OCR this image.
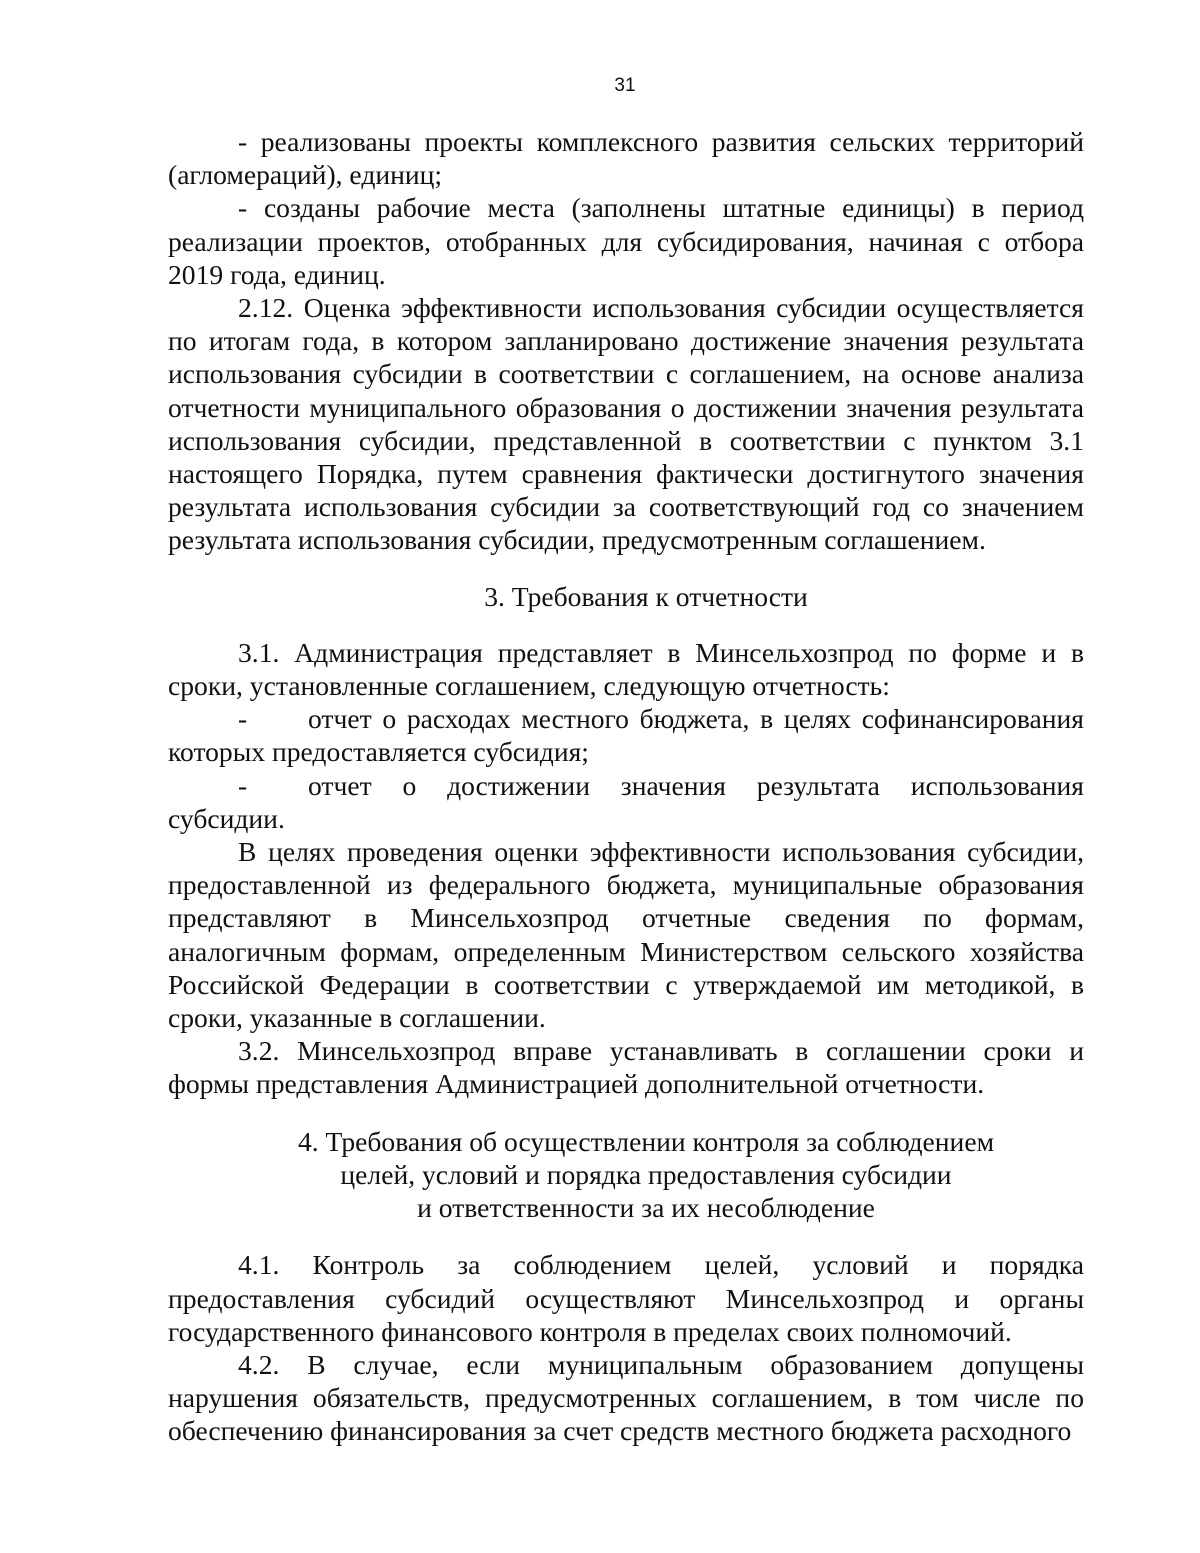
31

- реализованы проекты комплексного развития сельских территорий (агломераций), единиц;

- созданы рабочие места (заполнены штатные единицы) в период реализации проектов, отобранных для субсидирования, начиная с отбора 2019 года, единиц.

2.12. Оценка эффективности использования субсидии осуществляется по итогам года, в котором запланировано достижение значения результата использования субсидии в соответствии с соглашением, на основе анализа отчетности муниципального образования о достижении значения результата использования субсидии, представленной в соответствии с пунктом 3.1 настоящего Порядка, путем сравнения фактически достигнутого значения результата использования субсидии за соответствующий год со значением результата использования субсидии, предусмотренным соглашением.

3. Требования к отчетности

3.1. Администрация представляет в Минсельхозпрод по форме и в сроки, установленные соглашением, следующую отчетность:

- отчет о расходах местного бюджета, в целях софинансирования которых предоставляется субсидия;

- отчет о достижении значения результата использования субсидии.

В целях проведения оценки эффективности использования субсидии, предоставленной из федерального бюджета, муниципальные образования представляют в Минсельхозпрод отчетные сведения по формам, аналогичным формам, определенным Министерством сельского хозяйства Российской Федерации в соответствии с утверждаемой им методикой, в сроки, указанные в соглашении.

3.2. Минсельхозпрод вправе устанавливать в соглашении сроки и формы представления Администрацией дополнительной отчетности.

4. Требования об осуществлении контроля за соблюдением
целей, условий и порядка предоставления субсидии
и ответственности за их несоблюдение

4.1. Контроль за соблюдением целей, условий и порядка предоставления субсидий осуществляют Минсельхозпрод и органы государственного финансового контроля в пределах своих полномочий.

4.2. В случае, если муниципальным образованием допущены нарушения обязательств, предусмотренных соглашением, в том числе по обеспечению финансирования за счет средств местного бюджета расходного
